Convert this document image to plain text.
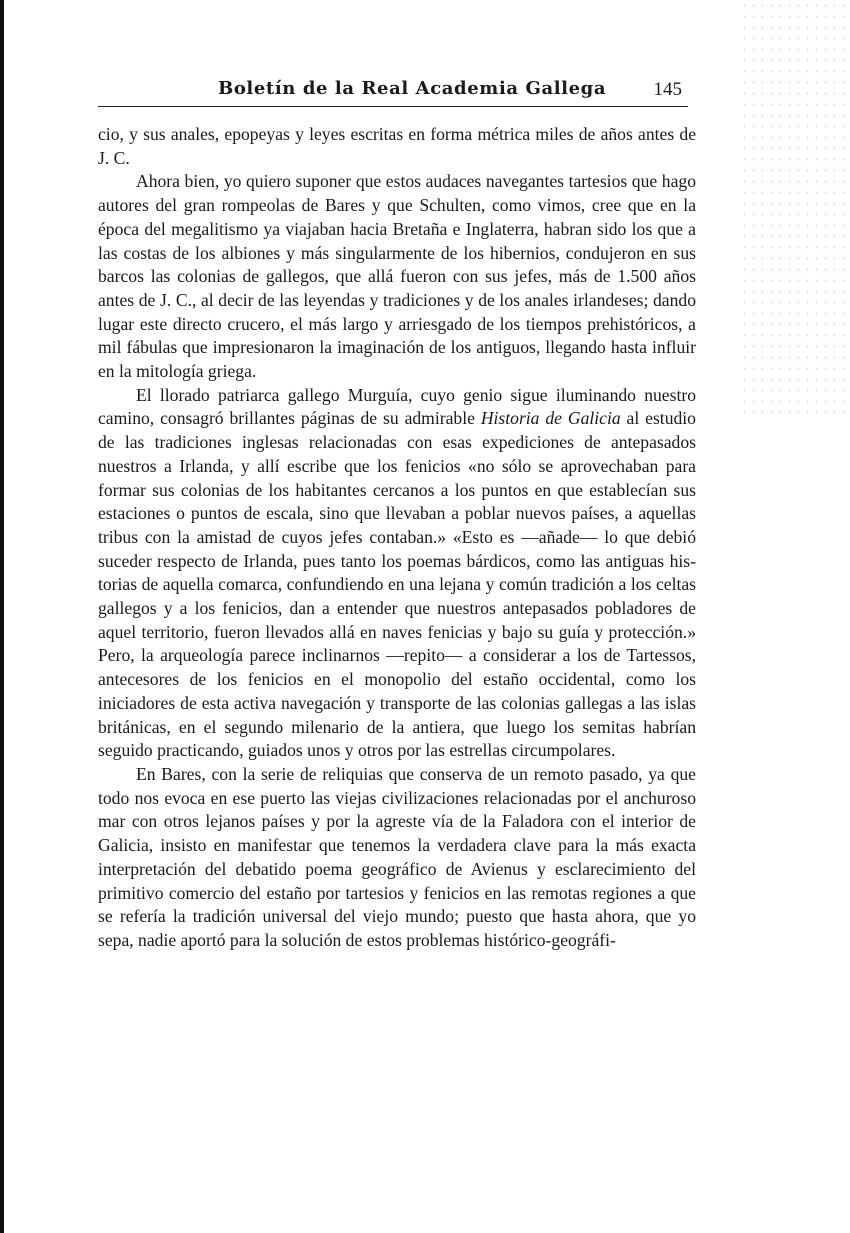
Boletín de la Real Academia Gallega 145

cio, y sus anales, epopeyas y leyes escritas en forma métrica miles de años antes de J. C.

Ahora bien, yo quiero suponer que estos audaces navegantes tartesios que hago autores del gran rompeolas de Bares y que Schulten, como vimos, cree que en la época del megalitismo ya viajaban hacia Bretaña e Inglaterra, habran sido los que a las costas de los albiones y más singularmente de los hibernios, condujeron en sus barcos las colonias de gallegos, que allá fueron con sus jefes, más de 1.500 años antes de J. C., al decir de las leyendas y tradiciones y de los anales irlandeses; dando lugar este directo crucero, el más largo y arriesgado de los tiempos prehistóricos, a mil fábulas que impresionaron la imaginación de los antiguos, llegando hasta influir en la mitología griega.

El llorado patriarca gallego Murguía, cuyo genio sigue iluminando nuestro camino, consagró brillantes páginas de su admirable Historia de Galicia al estudio de las tradiciones inglesas relacionadas con esas expediciones de antepasados nuestros a Irlanda, y allí escribe que los fenicios «no sólo se aprovechaban para formar sus colonias de los habitantes cercanos a los puntos en que establecían sus estaciones o puntos de escala, sino que llevaban a poblar nuevos países, a aquellas tribus con la amistad de cuyos jefes contaban.» «Esto es —añade— lo que debió suceder respecto de Irlanda, pues tanto los poemas bárdicos, como las antiguas historias de aquella comarca, confundiendo en una lejana y común tradición a los celtas gallegos y a los fenicios, dan a entender que nuestros antepasados pobladores de aquel territorio, fueron llevados allá en naves fenicias y bajo su guía y protección.» Pero, la arqueología parece inclinarnos —repito— a considerar a los de Tartessos, antecesores de los fenicios en el monopolio del estaño occidental, como los iniciadores de esta activa navegación y transporte de las colonias gallegas a las islas británicas, en el segundo milenario de la antiera, que luego los semitas habrían seguido practicando, guiados unos y otros por las estrellas circumpolares.

En Bares, con la serie de reliquias que conserva de un remoto pasado, ya que todo nos evoca en ese puerto las viejas civilizaciones relacionadas por el anchuroso mar con otros lejanos países y por la agreste vía de la Faladora con el interior de Galicia, insisto en manifestar que tenemos la verdadera clave para la más exacta interpretación del debatido poema geográfico de Avienus y esclarecimiento del primitivo comercio del estaño por tartesios y fenicios en las remotas regiones a que se refería la tradición universal del viejo mundo; puesto que hasta ahora, que yo sepa, nadie aportó para la solución de estos problemas histórico-geográfi-
